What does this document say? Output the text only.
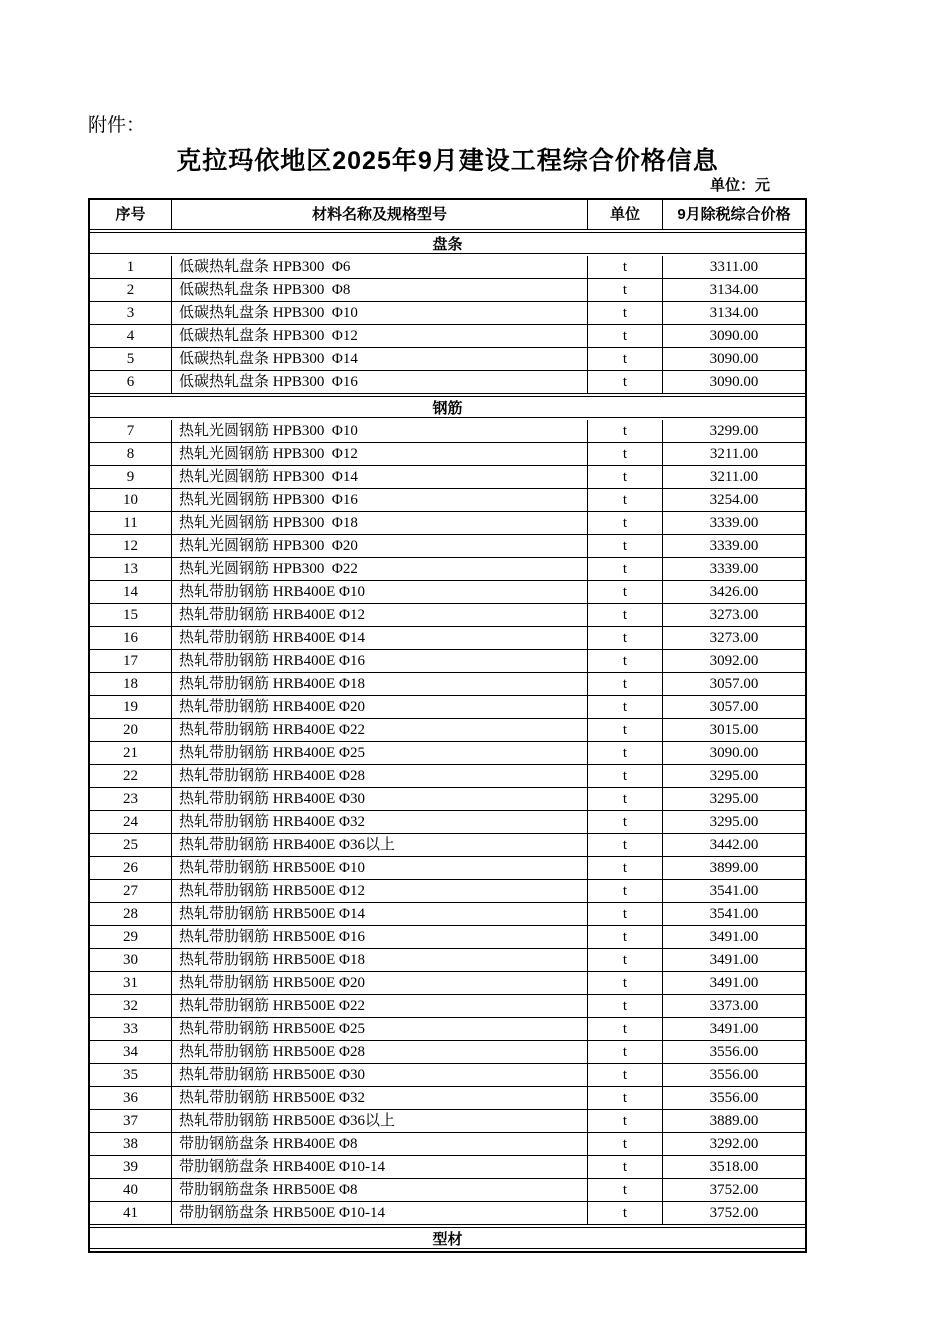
附件：
克拉玛依地区2025年9月建设工程综合价格信息
单位：元
序号	材料名称及规格型号	单位	9月除税综合价格
盘条
1	低碳热轧盘条 HPB300  Φ6	t	3311.00
2	低碳热轧盘条 HPB300  Φ8	t	3134.00
3	低碳热轧盘条 HPB300  Φ10	t	3134.00
4	低碳热轧盘条 HPB300  Φ12	t	3090.00
5	低碳热轧盘条 HPB300  Φ14	t	3090.00
6	低碳热轧盘条 HPB300  Φ16	t	3090.00
钢筋
7	热轧光圆钢筋 HPB300  Φ10	t	3299.00
8	热轧光圆钢筋 HPB300  Φ12	t	3211.00
9	热轧光圆钢筋 HPB300  Φ14	t	3211.00
10	热轧光圆钢筋 HPB300  Φ16	t	3254.00
11	热轧光圆钢筋 HPB300  Φ18	t	3339.00
12	热轧光圆钢筋 HPB300  Φ20	t	3339.00
13	热轧光圆钢筋 HPB300  Φ22	t	3339.00
14	热轧带肋钢筋 HRB400E Φ10	t	3426.00
15	热轧带肋钢筋 HRB400E Φ12	t	3273.00
16	热轧带肋钢筋 HRB400E Φ14	t	3273.00
17	热轧带肋钢筋 HRB400E Φ16	t	3092.00
18	热轧带肋钢筋 HRB400E Φ18	t	3057.00
19	热轧带肋钢筋 HRB400E Φ20	t	3057.00
20	热轧带肋钢筋 HRB400E Φ22	t	3015.00
21	热轧带肋钢筋 HRB400E Φ25	t	3090.00
22	热轧带肋钢筋 HRB400E Φ28	t	3295.00
23	热轧带肋钢筋 HRB400E Φ30	t	3295.00
24	热轧带肋钢筋 HRB400E Φ32	t	3295.00
25	热轧带肋钢筋 HRB400E Φ36以上	t	3442.00
26	热轧带肋钢筋 HRB500E Φ10	t	3899.00
27	热轧带肋钢筋 HRB500E Φ12	t	3541.00
28	热轧带肋钢筋 HRB500E Φ14	t	3541.00
29	热轧带肋钢筋 HRB500E Φ16	t	3491.00
30	热轧带肋钢筋 HRB500E Φ18	t	3491.00
31	热轧带肋钢筋 HRB500E Φ20	t	3491.00
32	热轧带肋钢筋 HRB500E Φ22	t	3373.00
33	热轧带肋钢筋 HRB500E Φ25	t	3491.00
34	热轧带肋钢筋 HRB500E Φ28	t	3556.00
35	热轧带肋钢筋 HRB500E Φ30	t	3556.00
36	热轧带肋钢筋 HRB500E Φ32	t	3556.00
37	热轧带肋钢筋 HRB500E Φ36以上	t	3889.00
38	带肋钢筋盘条 HRB400E Φ8	t	3292.00
39	带肋钢筋盘条 HRB400E Φ10-14	t	3518.00
40	带肋钢筋盘条 HRB500E Φ8	t	3752.00
41	带肋钢筋盘条 HRB500E Φ10-14	t	3752.00
型材
